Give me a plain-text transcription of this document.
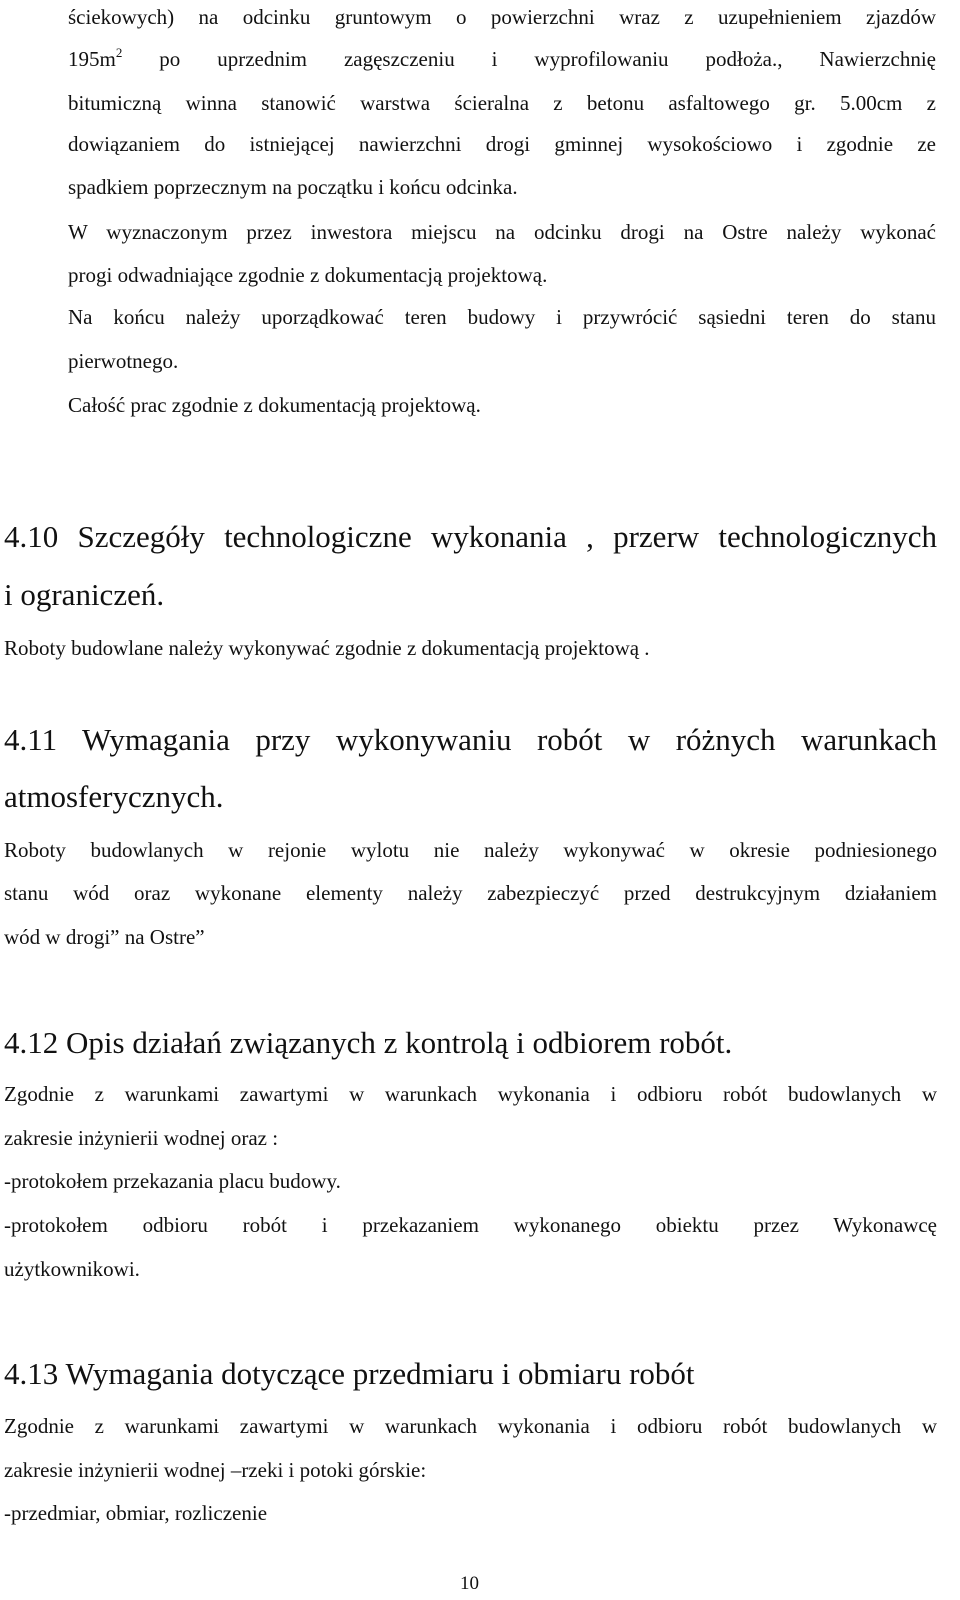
ściekowych) na odcinku gruntowym o powierzchni wraz z uzupełnieniem zjazdów
$195m^2$ po uprzednim zagęszczeniu i wyprofilowaniu podłoża., Nawierzchnię
bitumiczną winna stanowić warstwa ścieralna z betonu asfaltowego gr. 5.00cm z
dowiązaniem do istniejącej nawierzchni drogi gminnej wysokościowo i zgodnie ze
spadkiem poprzecznym na początku i końcu odcinka.
W wyznaczonym przez inwestora miejscu na odcinku drogi na Ostre należy wykonać
progi odwadniające zgodnie z dokumentacją projektową.
Na końcu należy uporządkować teren budowy i przywrócić sąsiedni teren do stanu
pierwotnego.
Całość prac zgodnie z dokumentacją projektową.
4.10 Szczegóły technologiczne wykonania , przerw technologicznych
i ograniczeń.
Roboty budowlane należy wykonywać zgodnie z dokumentacją projektową .
4.11 Wymagania przy wykonywaniu robót w różnych warunkach
atmosferycznych.
Roboty budowlanych w rejonie wylotu nie należy wykonywać w okresie podniesionego
stanu wód oraz wykonane elementy należy zabezpieczyć przed destrukcyjnym działaniem
wód w drogi” na Ostre”
4.12 Opis działań związanych z kontrolą i odbiorem robót.
Zgodnie z warunkami zawartymi w warunkach wykonania i odbioru robót budowlanych w
zakresie inżynierii wodnej oraz :
-protokołem przekazania placu budowy.
-protokołem odbioru robót i przekazaniem wykonanego obiektu przez Wykonawcę
użytkownikowi.
4.13 Wymagania dotyczące przedmiaru i obmiaru robót
Zgodnie z warunkami zawartymi w warunkach wykonania i odbioru robót budowlanych w
zakresie inżynierii wodnej –rzeki i potoki górskie:
-przedmiar, obmiar, rozliczenie
10
